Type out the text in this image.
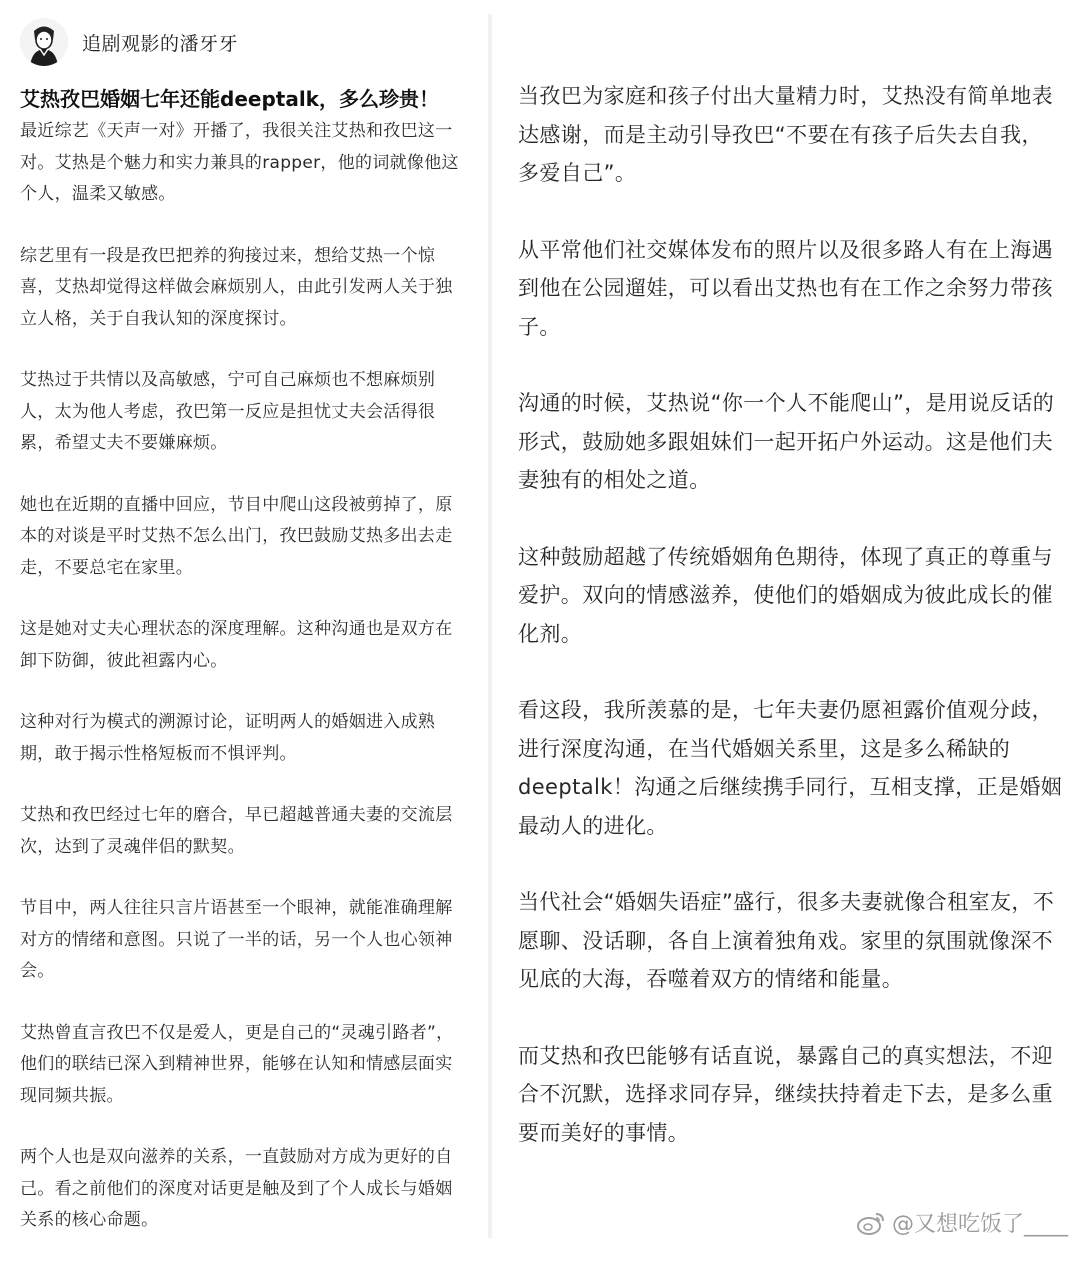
追剧观影的潘牙牙
艾热孜巴婚姻七年还能deeptalk，多么珍贵！

最近综艺《天声一对》开播了，我很关注艾热和孜巴这一对。艾热是个魅力和实力兼具的rapper，他的词就像他这个人，温柔又敏感。

综艺里有一段是孜巴把养的狗接过来，想给艾热一个惊喜，艾热却觉得这样做会麻烦别人，由此引发两人关于独立人格，关于自我认知的深度探讨。

艾热过于共情以及高敏感，宁可自己麻烦也不想麻烦别人，太为他人考虑，孜巴第一反应是担忧丈夫会活得很累，希望丈夫不要嫌麻烦。

她也在近期的直播中回应，节目中爬山这段被剪掉了，原本的对谈是平时艾热不怎么出门，孜巴鼓励艾热多出去走走，不要总宅在家里。

这是她对丈夫心理状态的深度理解。这种沟通也是双方在卸下防御，彼此袒露内心。

这种对行为模式的溯源讨论，证明两人的婚姻进入成熟期，敢于揭示性格短板而不惧评判。

艾热和孜巴经过七年的磨合，早已超越普通夫妻的交流层次，达到了灵魂伴侣的默契。

节目中，两人往往只言片语甚至一个眼神，就能准确理解对方的情绪和意图。只说了一半的话，另一个人也心领神会。

艾热曾直言孜巴不仅是爱人，更是自己的“灵魂引路者”，他们的联结已深入到精神世界，能够在认知和情感层面实现同频共振。

两个人也是双向滋养的关系，一直鼓励对方成为更好的自己。看之前他们的深度对话更是触及到了个人成长与婚姻关系的核心命题。

当孜巴为家庭和孩子付出大量精力时，艾热没有简单地表达感谢，而是主动引导孜巴“不要在有孩子后失去自我，多爱自己”。

从平常他们社交媒体发布的照片以及很多路人有在上海遇到他在公园遛娃，可以看出艾热也有在工作之余努力带孩子。

沟通的时候，艾热说“你一个人不能爬山”，是用说反话的形式，鼓励她多跟姐妹们一起开拓户外运动。这是他们夫妻独有的相处之道。

这种鼓励超越了传统婚姻角色期待，体现了真正的尊重与爱护。双向的情感滋养，使他们的婚姻成为彼此成长的催化剂。

看这段，我所羡慕的是，七年夫妻仍愿袒露价值观分歧，进行深度沟通，在当代婚姻关系里，这是多么稀缺的deeptalk！沟通之后继续携手同行，互相支撑，正是婚姻最动人的进化。

当代社会“婚姻失语症”盛行，很多夫妻就像合租室友，不愿聊、没话聊，各自上演着独角戏。家里的氛围就像深不见底的大海，吞噬着双方的情绪和能量。

而艾热和孜巴能够有话直说，暴露自己的真实想法，不迎合不沉默，选择求同存异，继续扶持着走下去，是多么重要而美好的事情。

@又想吃饭了____
